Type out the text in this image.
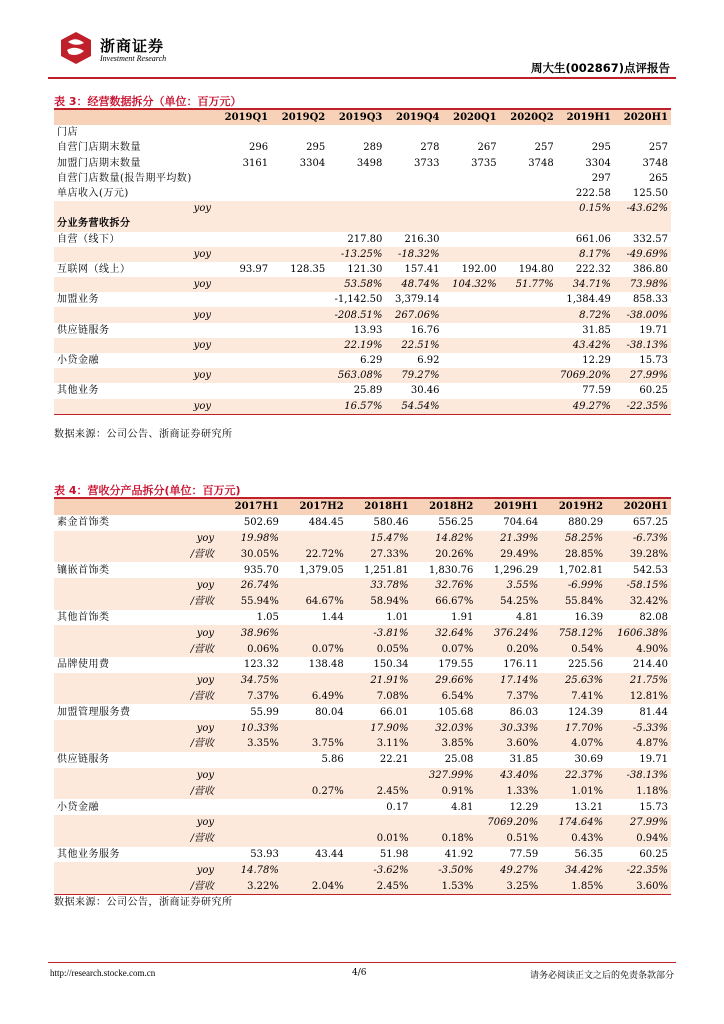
浙商证券
Investment Research
周大生(002867)点评报告
表 3：经营数据拆分（单位：百万元）
	2019Q1	2019Q2	2019Q3	2019Q4	2020Q1	2020Q2	2019H1	2020H1
门店								
自营门店期末数量	296	295	289	278	267	257	295	257
加盟门店期末数量	3161	3304	3498	3733	3735	3748	3304	3748
自营门店数量(报告期平均数)							297	265
单店收入(万元)							222.58	125.50
yoy							0.15%	-43.62%
分业务营收拆分								
自营（线下）			217.80	216.30			661.06	332.57
yoy			-13.25%	-18.32%			8.17%	-49.69%
互联网（线上）	93.97	128.35	121.30	157.41	192.00	194.80	222.32	386.80
yoy			53.58%	48.74%	104.32%	51.77%	34.71%	73.98%
加盟业务			-1,142.50	3,379.14			1,384.49	858.33
yoy			-208.51%	267.06%			8.72%	-38.00%
供应链服务			13.93	16.76			31.85	19.71
yoy			22.19%	22.51%			43.42%	-38.13%
小贷金融			6.29	6.92			12.29	15.73
yoy			563.08%	79.27%			7069.20%	27.99%
其他业务			25.89	30.46			77.59	60.25
yoy			16.57%	54.54%			49.27%	-22.35%
数据来源：公司公告、浙商证券研究所
表 4：营收分产品拆分(单位：百万元)
	2017H1	2017H2	2018H1	2018H2	2019H1	2019H2	2020H1
素金首饰类	502.69	484.45	580.46	556.25	704.64	880.29	657.25
yoy	19.98%		15.47%	14.82%	21.39%	58.25%	-6.73%
/营收	30.05%	22.72%	27.33%	20.26%	29.49%	28.85%	39.28%
镶嵌首饰类	935.70	1,379.05	1,251.81	1,830.76	1,296.29	1,702.81	542.53
yoy	26.74%		33.78%	32.76%	3.55%	-6.99%	-58.15%
/营收	55.94%	64.67%	58.94%	66.67%	54.25%	55.84%	32.42%
其他首饰类	1.05	1.44	1.01	1.91	4.81	16.39	82.08
yoy	38.96%		-3.81%	32.64%	376.24%	758.12%	1606.38%
/营收	0.06%	0.07%	0.05%	0.07%	0.20%	0.54%	4.90%
品牌使用费	123.32	138.48	150.34	179.55	176.11	225.56	214.40
yoy	34.75%		21.91%	29.66%	17.14%	25.63%	21.75%
/营收	7.37%	6.49%	7.08%	6.54%	7.37%	7.41%	12.81%
加盟管理服务费	55.99	80.04	66.01	105.68	86.03	124.39	81.44
yoy	10.33%		17.90%	32.03%	30.33%	17.70%	-5.33%
/营收	3.35%	3.75%	3.11%	3.85%	3.60%	4.07%	4.87%
供应链服务		5.86	22.21	25.08	31.85	30.69	19.71
yoy				327.99%	43.40%	22.37%	-38.13%
/营收		0.27%	2.45%	0.91%	1.33%	1.01%	1.18%
小贷金融			0.17	4.81	12.29	13.21	15.73
yoy					7069.20%	174.64%	27.99%
/营收			0.01%	0.18%	0.51%	0.43%	0.94%
其他业务服务	53.93	43.44	51.98	41.92	77.59	56.35	60.25
yoy	14.78%		-3.62%	-3.50%	49.27%	34.42%	-22.35%
/营收	3.22%	2.04%	2.45%	1.53%	3.25%	1.85%	3.60%
数据来源：公司公告，浙商证券研究所
http://research.stocke.com.cn	4/6	请务必阅读正文之后的免责条款部分
